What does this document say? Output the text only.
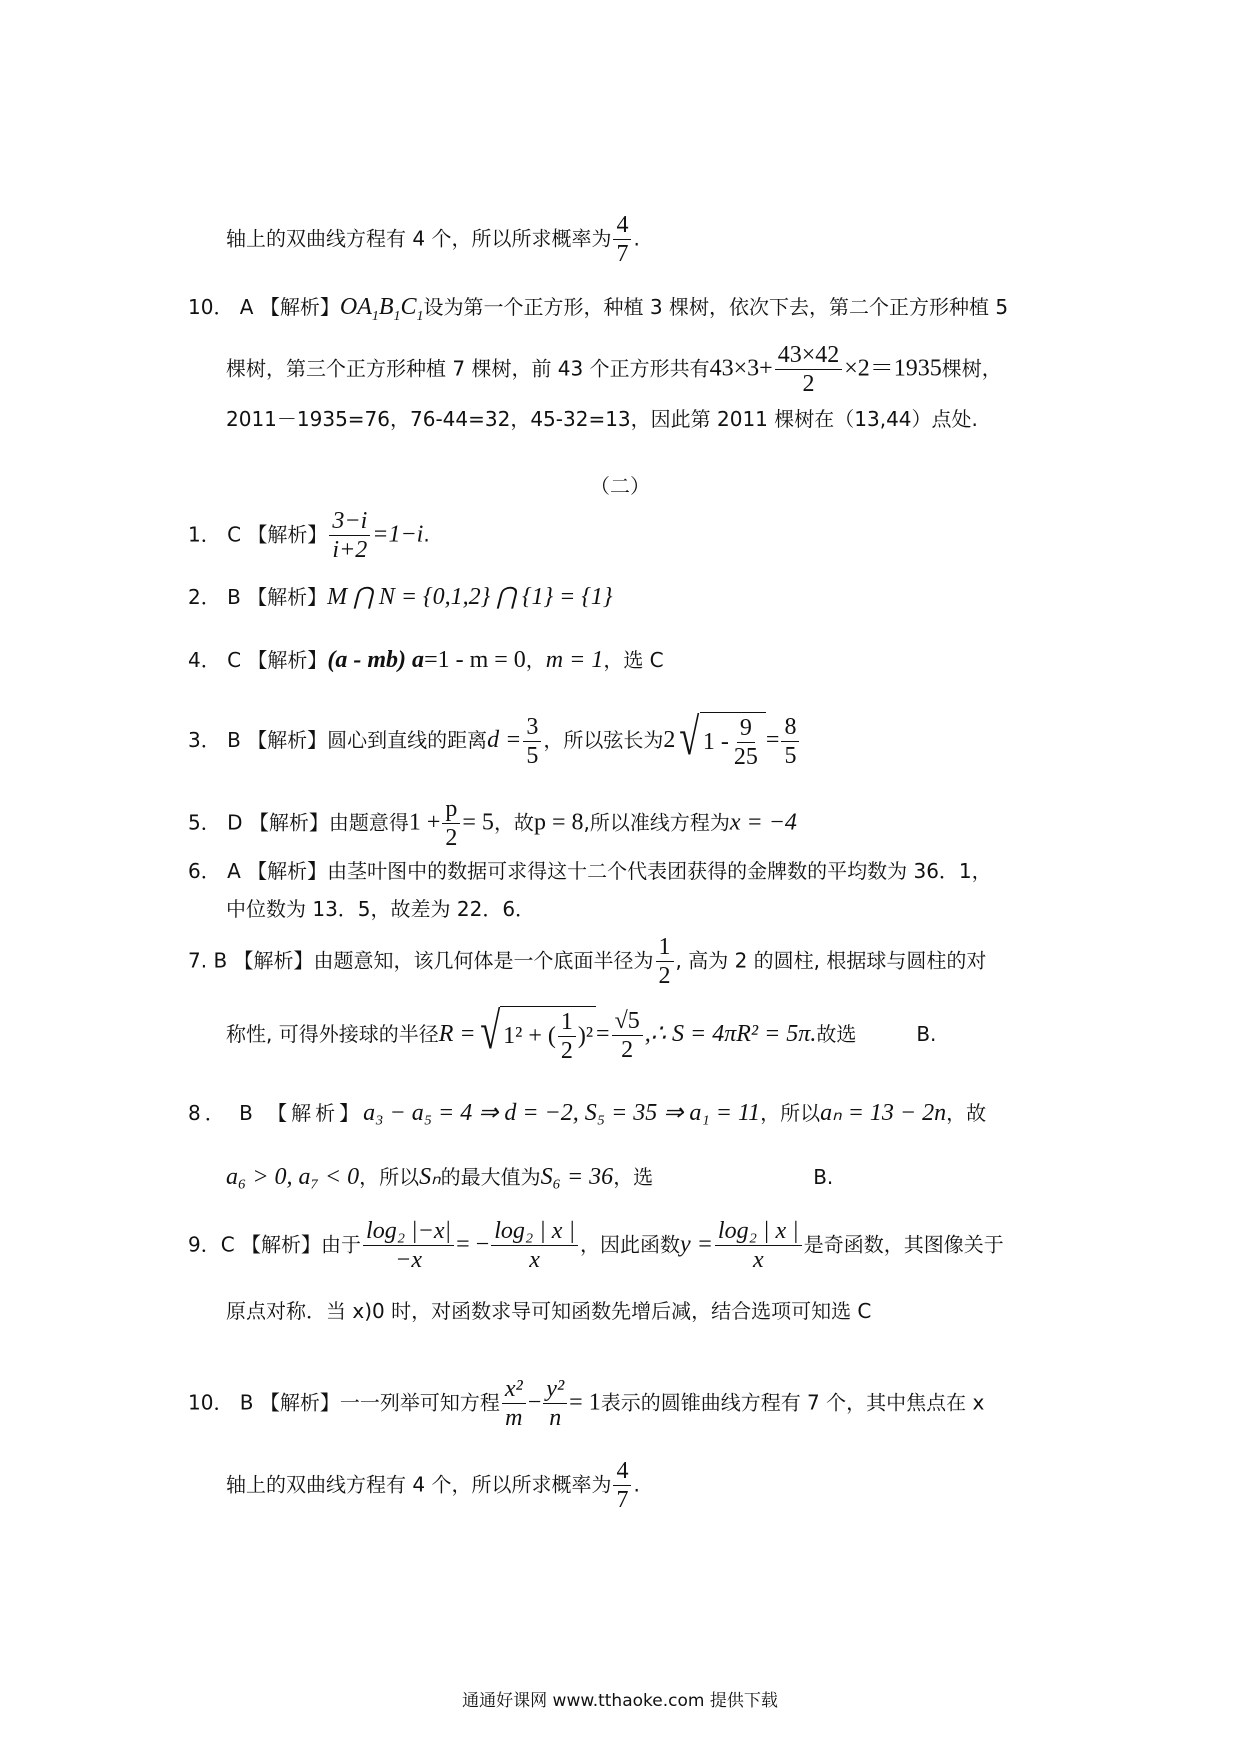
轴上的双曲线方程有 4 个，所以所求概率为 $\frac{4}{7}$ .
10． A 【解析】$OA_1B_1C_1$设为第一个正方形，种植 3 棵树，依次下去，第二个正方形种植 5
棵树，第三个正方形种植 7 棵树，前 43 个正方形共有$43\times 3+ \frac{43\times 42}{2} \times 2=1935$棵树，
2011－1935=76，76-44=32，45-32=13，因此第 2011 棵树在（13,44）点处.
（二）
1． C 【解析】 $\frac{3-i}{i+2} =1-i$.
2． B 【解析】M ⋂ N = {0,1,2} ⋂ {1} = {1}
4． C 【解析】(a - mb) a=1 - m = 0，m = 1，选 C
3． B 【解析】圆心到直线的距离$d = \frac{3}{5}$ ，所以弦长为2 √ $1 - \frac{9}{25} = \frac{8}{5}$
5． D 【解析】由题意得$1 + \frac{p}{2} = 5$，故p = 8,所以准线方程为x = −4
6． A 【解析】由茎叶图中的数据可求得这十二个代表团获得的金牌数的平均数为 36．1，
中位数为 13．5，故差为 22．6．
7. B 【解析】由题意知，该几何体是一个底面半径为 $\frac{1}{2}$ , 高为 2 的圆柱, 根据球与圆柱的对
称性, 可得外接球的半径R = √ 1² + ( $\frac{1}{2} )^2 = \frac{√5}{2}$ ,∴ S = 4πR² = 5π.故选	B.
8． B 【解析】a₃ − a₅ = 4 ⇒ d = −2, S₅ = 35 ⇒ a₁ = 11，所以aₙ = 13 − 2n，故
a₆ > 0, a₇ < 0，所以Sₙ的最大值为S₆ = 36，选	B.
9．C 【解析】由于 $\frac{\text{log₂ |−x|}}{-x}$ = − $\frac{\text{log₂ | x |}}{x}$ ，因此函数$y = \frac{\text{log₂ | x |}}{x}$ 是奇函数，其图像关于
原点对称．当 x)0 时，对函数求导可知函数先增后减，结合选项可知选 C
10． B 【解析】一一列举可知方程 $\frac{\text{x²}}{m} - \frac{\text{y²}}{n} = 1$表示的圆锥曲线方程有 7 个，其中焦点在 x
轴上的双曲线方程有 4 个，所以所求概率为 $\frac{4}{7}$ .
通通好课网 www.tthaoke.com 提供下载
